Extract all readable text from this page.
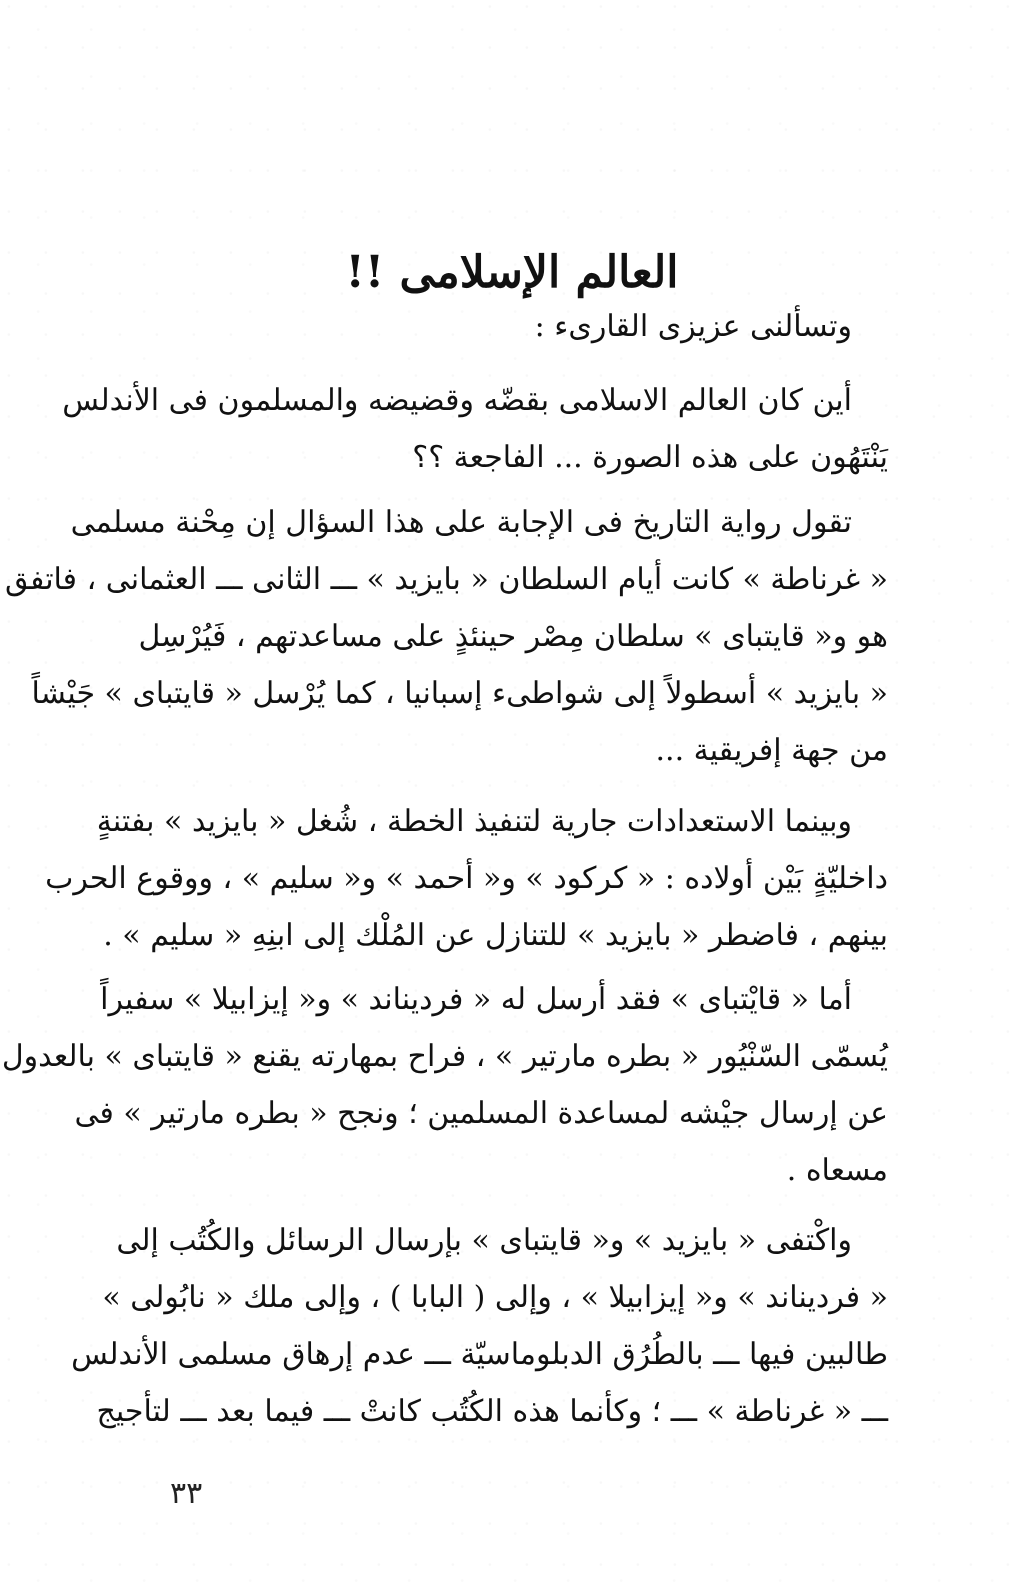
العالم الإسلامى !!
وتسألنى عزيزى القارىء :
أين كان العالم الاسلامى بقضّه وقضيضه والمسلمون فى الأندلس
يَنْتَهُون على هذه الصورة ... الفاجعة ؟؟
تقول رواية التاريخ فى الإجابة على هذا السؤال إن مِحْنة مسلمى
« غرناطة » كانت أيام السلطان « بايزيد » ـــ الثانى ـــ العثمانى ، فاتفق
هو و« قايتباى » سلطان مِصْر حينئذٍ على مساعدتهم ، فَيُرْسِل
« بايزيد » أسطولاً إلى شواطىء إسبانيا ، كما يُرْسل « قايتباى » جَيْشاً
من جهة إفريقية ...
وبينما الاستعدادات جارية لتنفيذ الخطة ، شُغل « بايزيد » بفتنةٍ
داخليّةٍ بَيْن أولاده : « كركود » و« أحمد » و« سليم » ، ووقوع الحرب
بينهم ، فاضطر « بايزيد » للتنازل عن المُلْك إلى ابنِهِ « سليم » .
أما « قايْتباى » فقد أرسل له « فرديناند » و« إيزابيلا » سفيراً
يُسمّى السّنْيُور « بطره مارتير » ، فراح بمهارته يقنع « قايتباى » بالعدول
عن إرسال جيْشه لمساعدة المسلمين ؛ ونجح « بطره مارتير » فى
مسعاه .
واكْتفى « بايزيد » و« قايتباى » بإرسال الرسائل والكُتُب إلى
« فرديناند » و« إيزابيلا » ، وإلى ( البابا ) ، وإلى ملك « نابُولى »
طالبين فيها ـــ بالطُرُق الدبلوماسيّة ـــ عدم إرهاق مسلمى الأندلس
ـــ « غرناطة » ـــ ؛ وكأنما هذه الكُتُب كانتْ ـــ فيما بعد ـــ لتأجيج
٣٣
